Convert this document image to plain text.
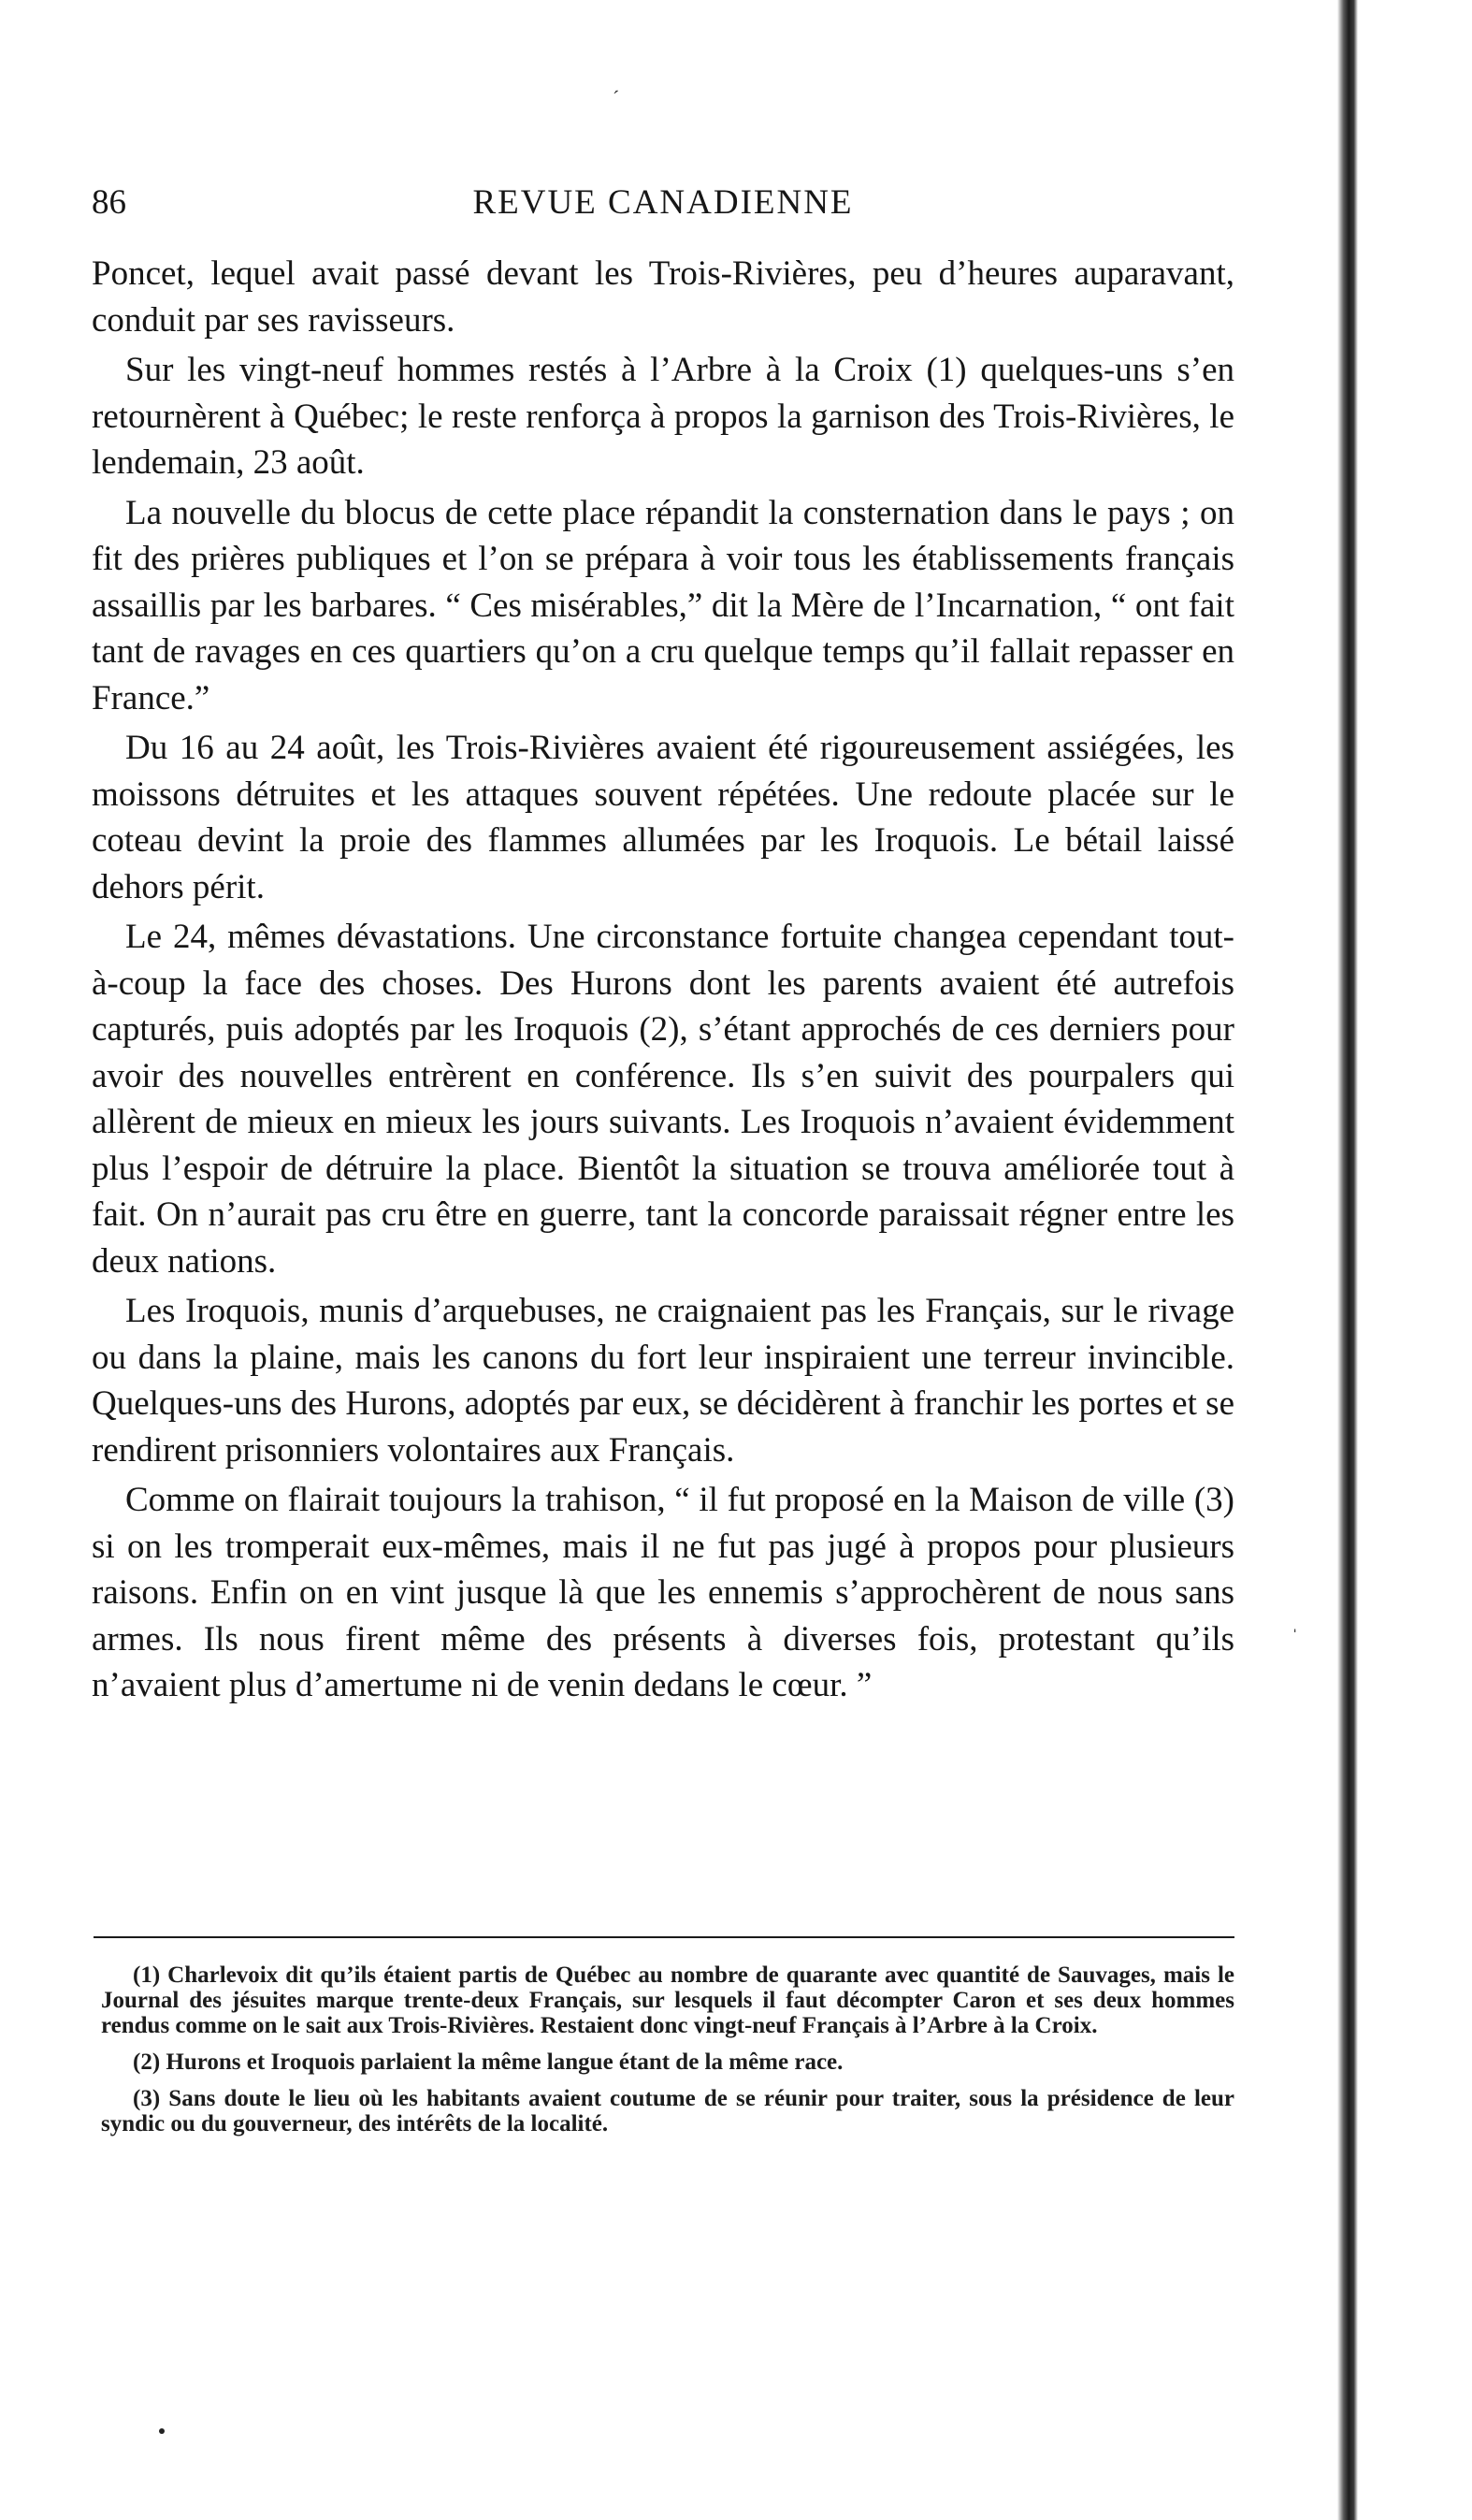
ˊ
ˌ
86	REVUE CANADIENNE

Poncet, lequel avait passé devant les Trois-Rivières, peu d’heures auparavant, conduit par ses ravisseurs.

Sur les vingt-neuf hommes restés à l’Arbre à la Croix (1) quelques-uns s’en retournèrent à Québec; le reste renforça à propos la garnison des Trois-Rivières, le lendemain, 23 août.

La nouvelle du blocus de cette place répandit la consternation dans le pays ; on fit des prières publiques et l’on se prépara à voir tous les établissements français assaillis par les barbares. “ Ces misérables,” dit la Mère de l’Incarnation, “ ont fait tant de ravages en ces quartiers qu’on a cru quelque temps qu’il fallait repasser en France.”

Du 16 au 24 août, les Trois-Rivières avaient été rigoureusement assiégées, les moissons détruites et les attaques souvent répétées. Une redoute placée sur le coteau devint la proie des flammes allumées par les Iroquois. Le bétail laissé dehors périt.

Le 24, mêmes dévastations. Une circonstance fortuite changea cependant tout-à-coup la face des choses. Des Hurons dont les parents avaient été autrefois capturés, puis adoptés par les Iroquois (2), s’étant approchés de ces derniers pour avoir des nouvelles entrèrent en conférence. Ils s’en suivit des pourpalers qui allèrent de mieux en mieux les jours suivants. Les Iroquois n’avaient évidemment plus l’espoir de détruire la place. Bientôt la situation se trouva améliorée tout à fait. On n’aurait pas cru être en guerre, tant la concorde paraissait régner entre les deux nations.

Les Iroquois, munis d’arquebuses, ne craignaient pas les Français, sur le rivage ou dans la plaine, mais les canons du fort leur inspiraient une terreur invincible. Quelques-uns des Hurons, adoptés par eux, se décidèrent à franchir les portes et se rendirent prisonniers volontaires aux Français.

Comme on flairait toujours la trahison, “ il fut proposé en la Maison de ville (3) si on les tromperait eux-mêmes, mais il ne fut pas jugé à propos pour plusieurs raisons. Enfin on en vint jusque là que les ennemis s’approchèrent de nous sans armes. Ils nous firent même des présents à diverses fois, protestant qu’ils n’avaient plus d’amertume ni de venin dedans le cœur. ”

(1) Charlevoix dit qu’ils étaient partis de Québec au nombre de quarante avec quantité de Sauvages, mais le Journal des jésuites marque trente-deux Français, sur lesquels il faut décompter Caron et ses deux hommes rendus comme on le sait aux Trois-Rivières. Restaient donc vingt-neuf Français à l’Arbre à la Croix.

(2) Hurons et Iroquois parlaient la même langue étant de la même race.

(3) Sans doute le lieu où les habitants avaient coutume de se réunir pour traiter, sous la présidence de leur syndic ou du gouverneur, des intérêts de la localité.
